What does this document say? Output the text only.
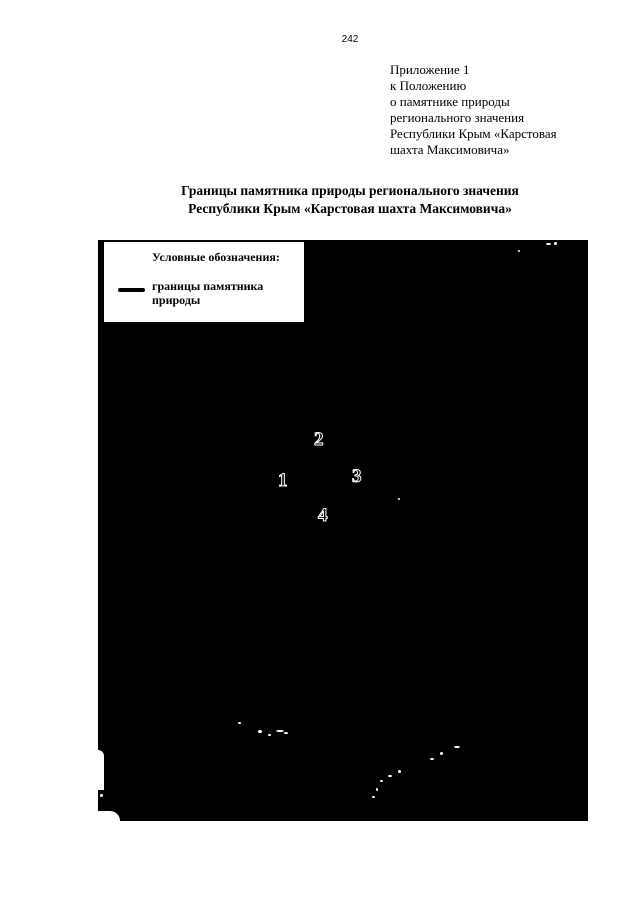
242
Приложение 1
к Положению
о памятнике природы
регионального значения
Республики Крым «Карстовая
шахта Максимовича»
Границы памятника природы регионального значения
Республики Крым «Карстовая шахта Максимовича»
Условные обозначения:
границы памятника природы
2
1	3
4
